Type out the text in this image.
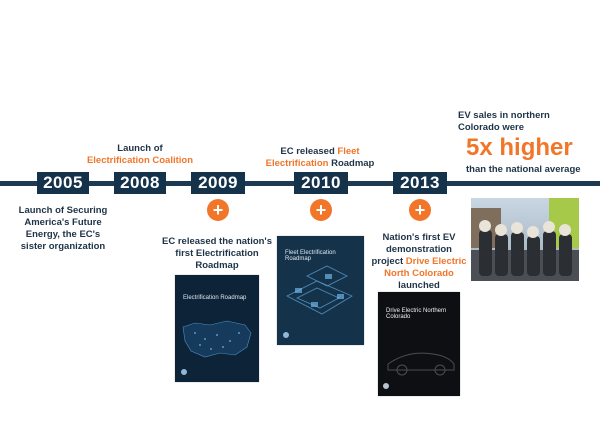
2005	2008	2009	2010	2013
+	+	+
Launch of Securing America's Future Energy, the EC's sister organization
Launch of
Electrification Coalition
EC released Fleet Electrification Roadmap
EC released the nation's first Electrification Roadmap
Nation's first EV demonstration project Drive Electric North Colorado launched
EV sales in northern Colorado were
5x higher
than the national average
Fleet Electrification Roadmap
Electrification Roadmap
Drive Electric Northern Colorado
